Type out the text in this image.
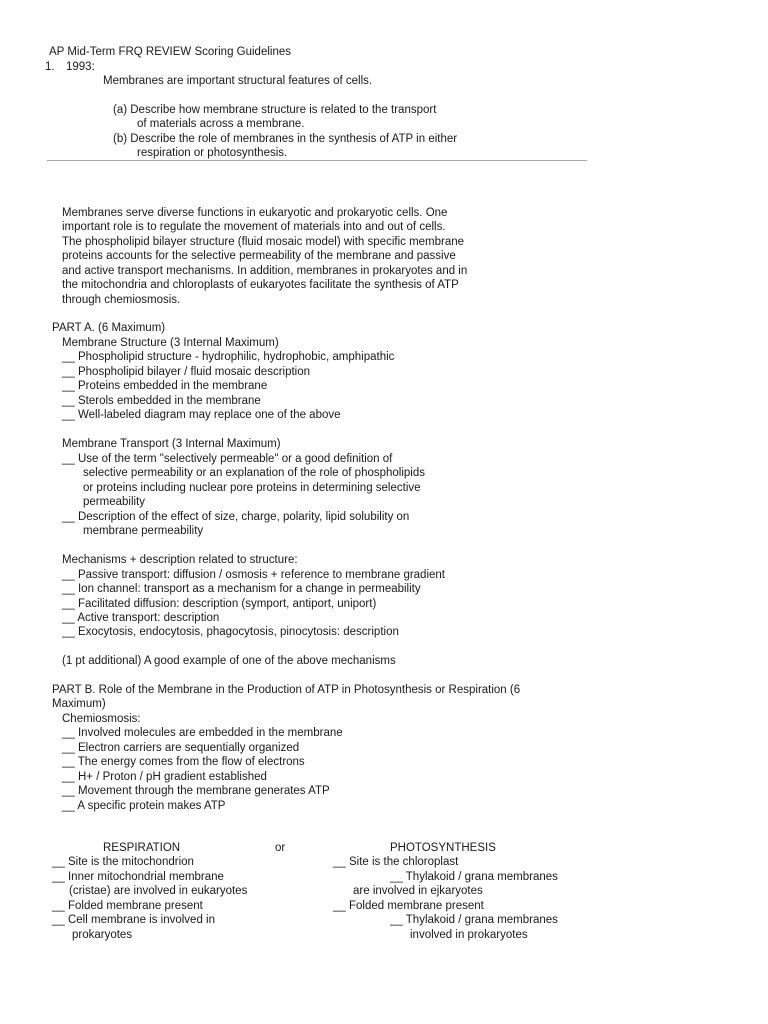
AP Mid-Term FRQ REVIEW Scoring Guidelines
1. 1993:
Membranes are important structural features of cells.
(a) Describe how membrane structure is related to the transport
of materials across a membrane.
(b) Describe the role of membranes in the synthesis of ATP in either
respiration or photosynthesis.
Membranes serve diverse functions in eukaryotic and prokaryotic cells. One
important role is to regulate the movement of materials into and out of cells.
The phospholipid bilayer structure (fluid mosaic model) with specific membrane
proteins accounts for the selective permeability of the membrane and passive
and active transport mechanisms. In addition, membranes in prokaryotes and in
the mitochondria and chloroplasts of eukaryotes facilitate the synthesis of ATP
through chemiosmosis.
PART A. (6 Maximum)
Membrane Structure (3 Internal Maximum)
__ Phospholipid structure - hydrophilic, hydrophobic, amphipathic
__ Phospholipid bilayer / fluid mosaic description
__ Proteins embedded in the membrane
__ Sterols embedded in the membrane
__ Well-labeled diagram may replace one of the above
Membrane Transport (3 Internal Maximum)
__ Use of the term "selectively permeable" or a good definition of
selective permeability or an explanation of the role of phospholipids
or proteins including nuclear pore proteins in determining selective
permeability
__ Description of the effect of size, charge, polarity, lipid solubility on
membrane permeability
Mechanisms + description related to structure:
__ Passive transport: diffusion / osmosis + reference to membrane gradient
__ Ion channel: transport as a mechanism for a change in permeability
__ Facilitated diffusion: description (symport, antiport, uniport)
__ Active transport: description
__ Exocytosis, endocytosis, phagocytosis, pinocytosis: description
(1 pt additional) A good example of one of the above mechanisms
PART B. Role of the Membrane in the Production of ATP in Photosynthesis or Respiration (6
Maximum)
Chemiosmosis:
__ Involved molecules are embedded in the membrane
__ Electron carriers are sequentially organized
__ The energy comes from the flow of electrons
__ H+ / Proton / pH gradient established
__ Movement through the membrane generates ATP
__ A specific protein makes ATP
RESPIRATION	or	PHOTOSYNTHESIS
__ Site is the mitochondrion
__ Inner mitochondrial membrane
(cristae) are involved in eukaryotes
__ Folded membrane present
__ Cell membrane is involved in
prokaryotes
__ Site is the chloroplast
__ Thylakoid / grana membranes
are involved in ejkaryotes
__ Folded membrane present
__ Thylakoid / grana membranes
involved in prokaryotes
